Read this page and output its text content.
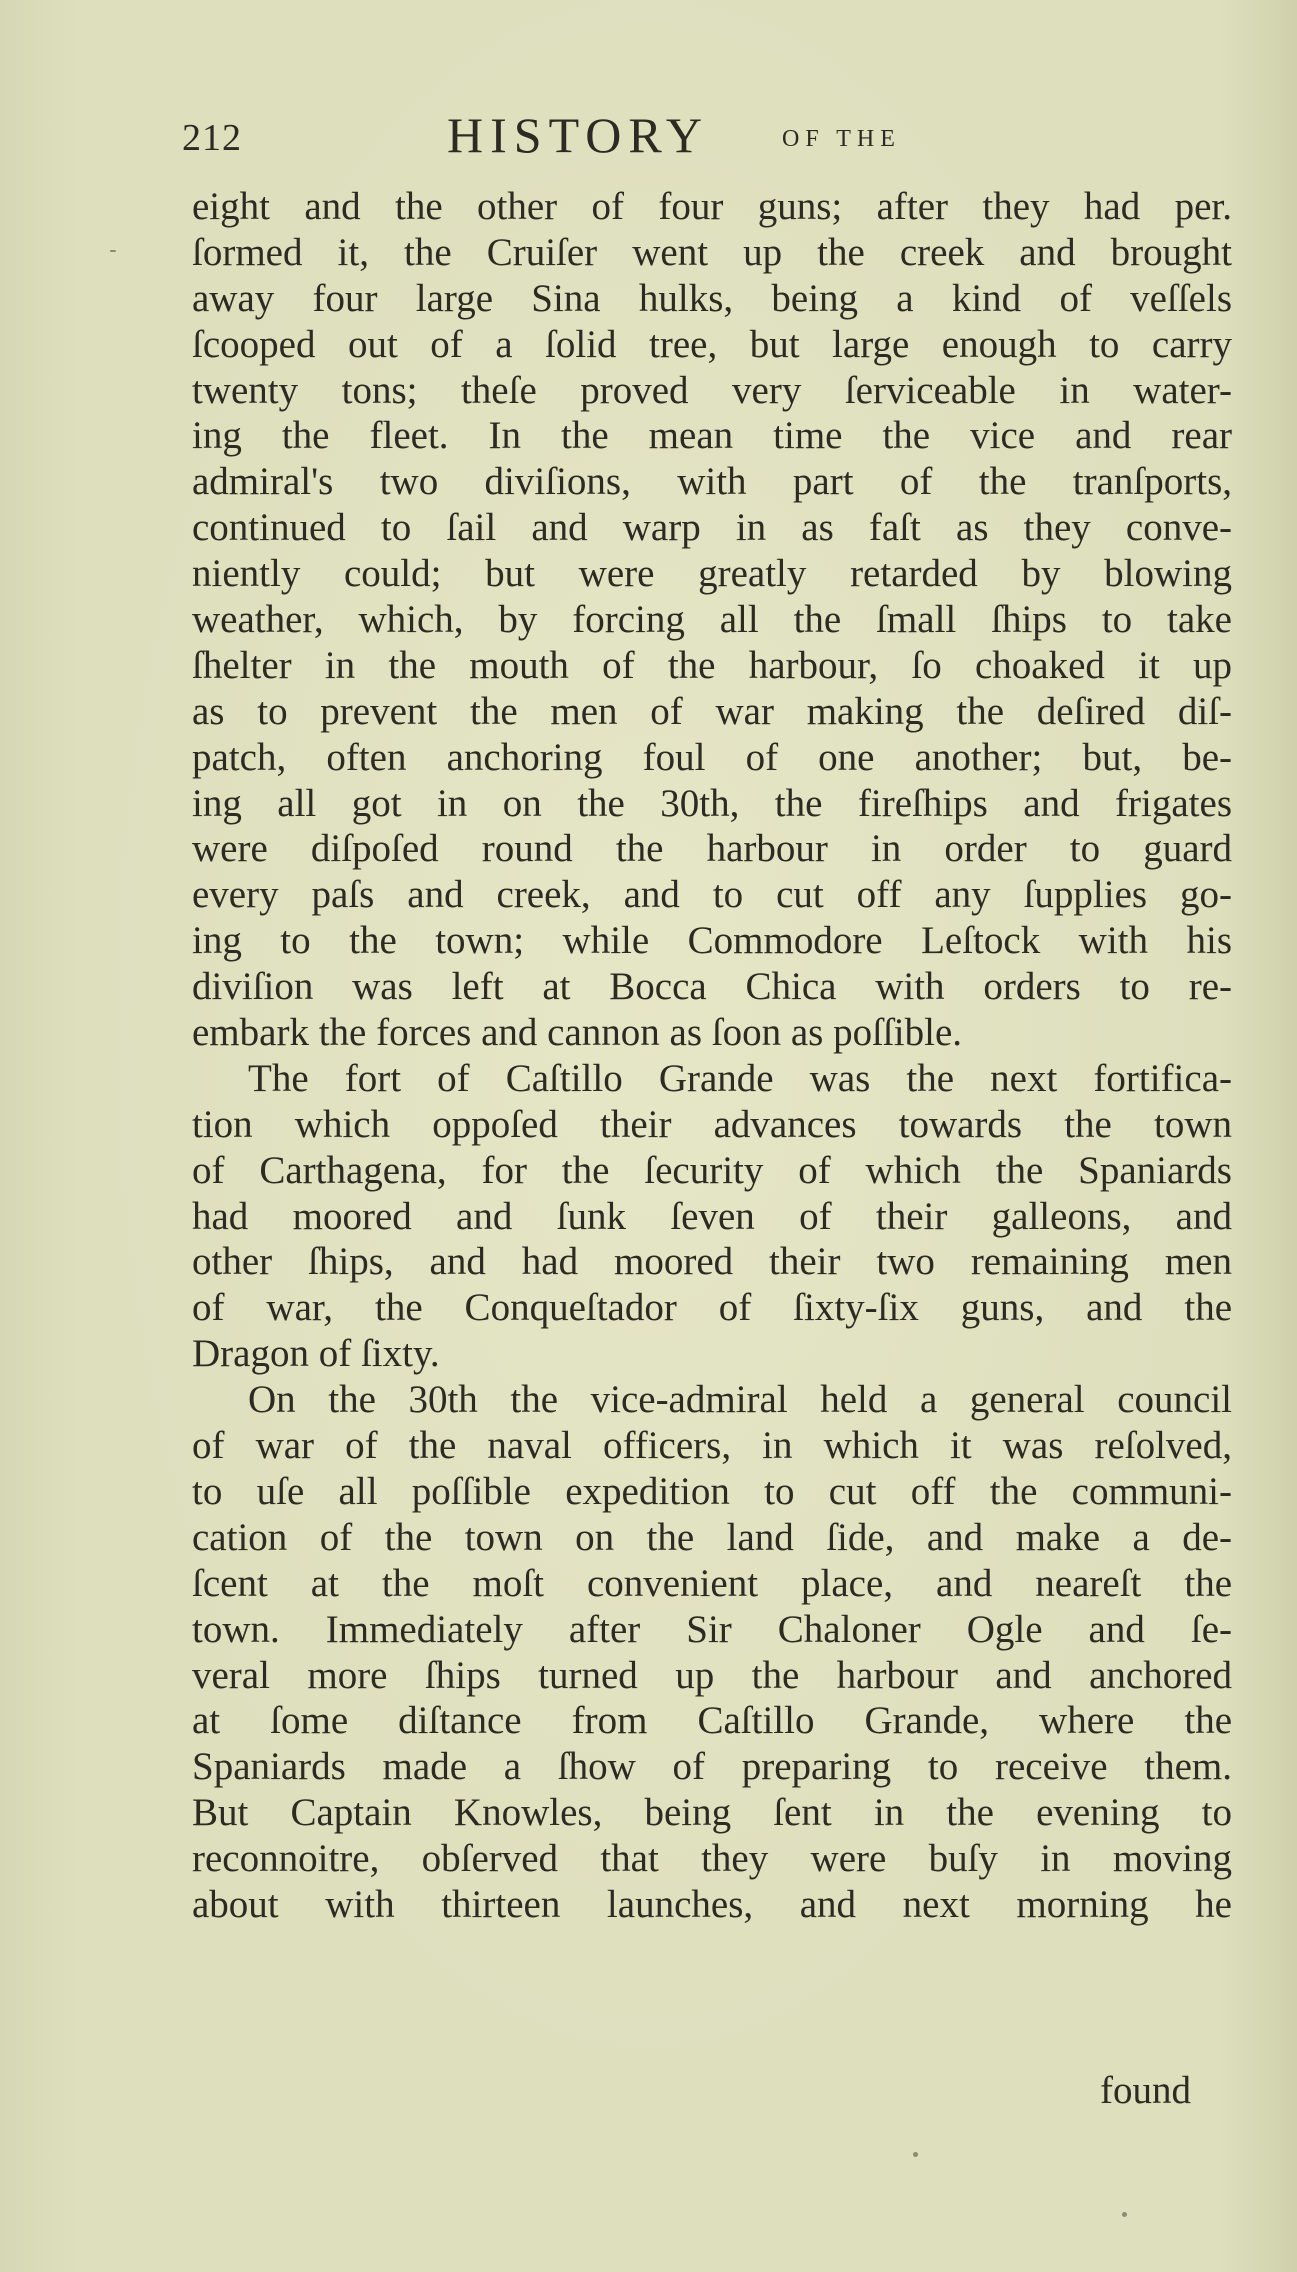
212	HISTORY	OF THE
eight and the other of four guns; after they had per.
ſormed it, the Cruiſer went up the creek and brought
away four large Sina hulks, being a kind of veſſels
ſcooped out of a ſolid tree, but large enough to carry
twenty tons; theſe proved very ſerviceable in water-
ing the fleet. In the mean time the vice and rear
admiral's two diviſions, with part of the tranſports,
continued to ſail and warp in as faſt as they conve-
niently could; but were greatly retarded by blowing
weather, which, by forcing all the ſmall ſhips to take
ſhelter in the mouth of the harbour, ſo choaked it up
as to prevent the men of war making the deſired diſ-
patch, often anchoring foul of one another; but, be-
ing all got in on the 30th, the fireſhips and frigates
were diſpoſed round the harbour in order to guard
every paſs and creek, and to cut off any ſupplies go-
ing to the town; while Commodore Leſtock with his
diviſion was left at Bocca Chica with orders to re-
embark the forces and cannon as ſoon as poſſible.
The fort of Caſtillo Grande was the next fortifica-
tion which oppoſed their advances towards the town
of Carthagena, for the ſecurity of which the Spaniards
had moored and ſunk ſeven of their galleons, and
other ſhips, and had moored their two remaining men
of war, the Conqueſtador of ſixty-ſix guns, and the
Dragon of ſixty.
On the 30th the vice-admiral held a general council
of war of the naval officers, in which it was reſolved,
to uſe all poſſible expedition to cut off the communi-
cation of the town on the land ſide, and make a de-
ſcent at the moſt convenient place, and neareſt the
town. Immediately after Sir Chaloner Ogle and ſe-
veral more ſhips turned up the harbour and anchored
at ſome diſtance from Caſtillo Grande, where the
Spaniards made a ſhow of preparing to receive them.
But Captain Knowles, being ſent in the evening to
reconnoitre, obſerved that they were buſy in moving
about with thirteen launches, and next morning he
found
